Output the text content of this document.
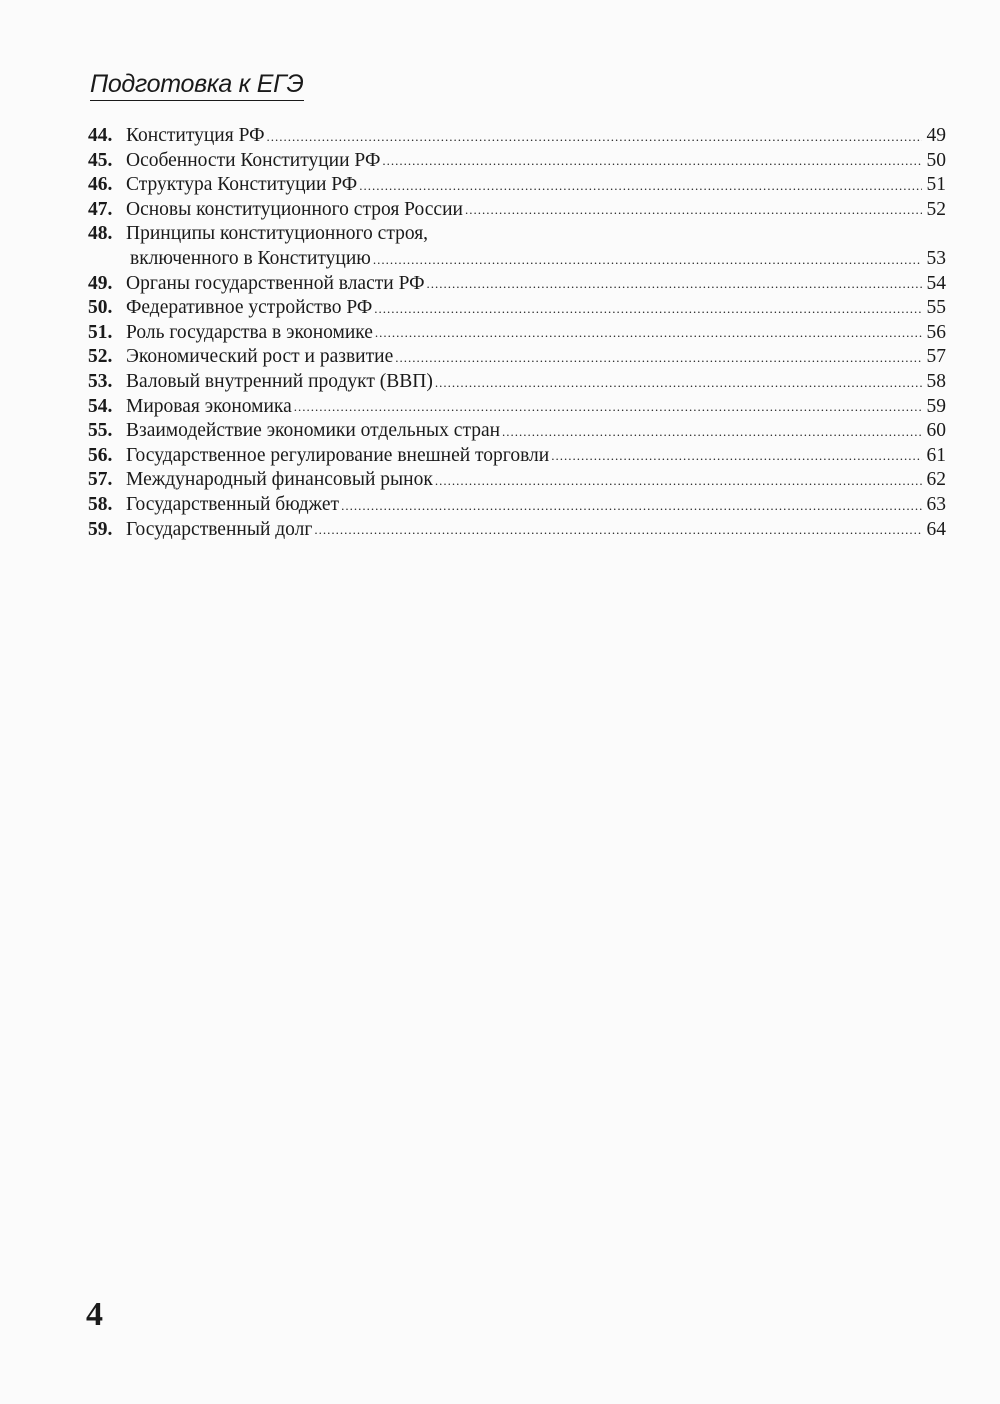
Подготовка к ЕГЭ
44. Конституция РФ .....	49
45. Особенности Конституции РФ .....	50
46. Структура Конституции РФ .....	51
47. Основы конституционного строя России .....	52
48. Принципы конституционного строя,
включенного в Конституцию .....	53
49. Органы государственной власти РФ .....	54
50. Федеративное устройство РФ .....	55
51. Роль государства в экономике .....	56
52. Экономический рост и развитие .....	57
53. Валовый внутренний продукт (ВВП) .....	58
54. Мировая экономика .....	59
55. Взаимодействие экономики отдельных стран .....	60
56. Государственное регулирование внешней торговли .....	61
57. Международный финансовый рынок .....	62
58. Государственный бюджет .....	63
59. Государственный долг .....	64
4
